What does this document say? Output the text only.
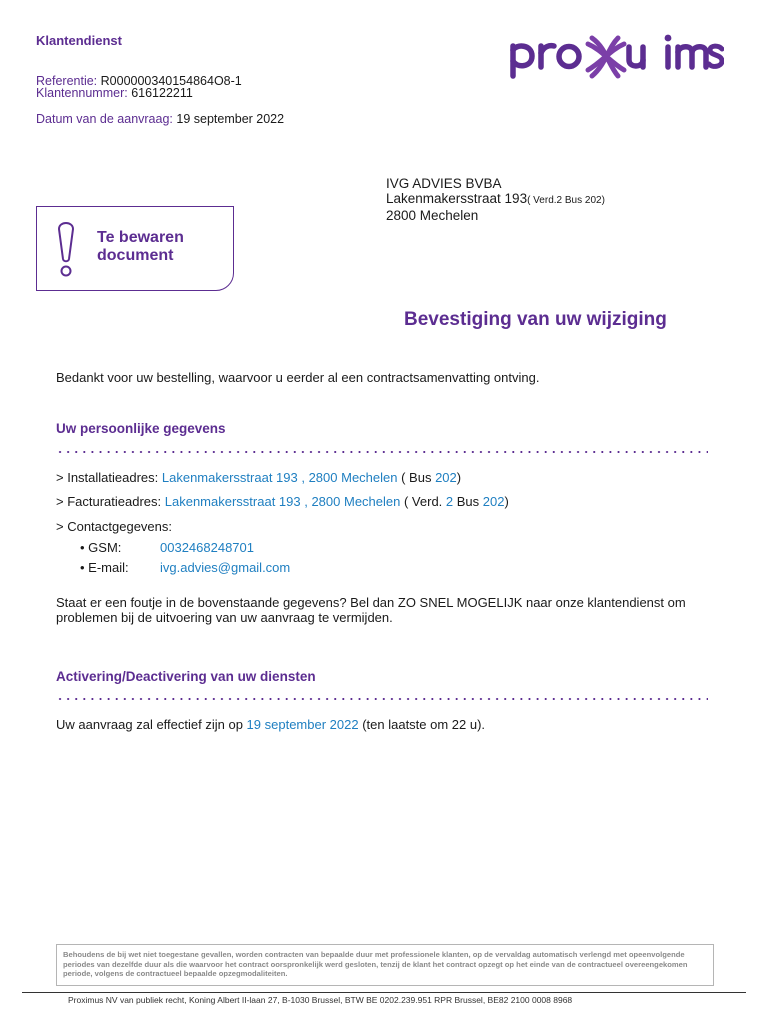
Klantendienst
Referentie: R000000340154864O8-1
Klantennummer: 616122211
Datum van de aanvraag: 19 september 2022
IVG ADVIES BVBA
Lakenmakersstraat 193( Verd.2 Bus 202)
2800 Mechelen
Te bewaren
document
Bevestiging van uw wijziging
Bedankt voor uw bestelling, waarvoor u eerder al een contractsamenvatting ontving.
Uw persoonlijke gegevens
> Installatieadres: Lakenmakersstraat 193 , 2800 Mechelen ( Bus 202)
> Facturatieadres: Lakenmakersstraat 193 , 2800 Mechelen ( Verd. 2 Bus 202)
> Contactgegevens:
• GSM:	0032468248701
• E-mail: ivg.advies@gmail.com
Staat er een foutje in de bovenstaande gegevens? Bel dan ZO SNEL MOGELIJK naar onze klantendienst om
problemen bij de uitvoering van uw aanvraag te vermijden.
Activering/Deactivering van uw diensten
Uw aanvraag zal effectief zijn op 19 september 2022 (ten laatste om 22 u).
Behoudens de bij wet niet toegestane gevallen, worden contracten van bepaalde duur met professionele klanten, op de vervaldag automatisch verlengd met opeenvolgende periodes van dezelfde duur als die waarvoor het contract oorspronkelijk werd gesloten, tenzij de klant het contract opzegt op het einde van de contractueel overeengekomen periode, volgens de contractueel bepaalde opzegmodaliteiten.
Proximus NV van publiek recht, Koning Albert II-laan 27, B-1030 Brussel, BTW BE 0202.239.951 RPR Brussel, BE82 2100 0008 8968
